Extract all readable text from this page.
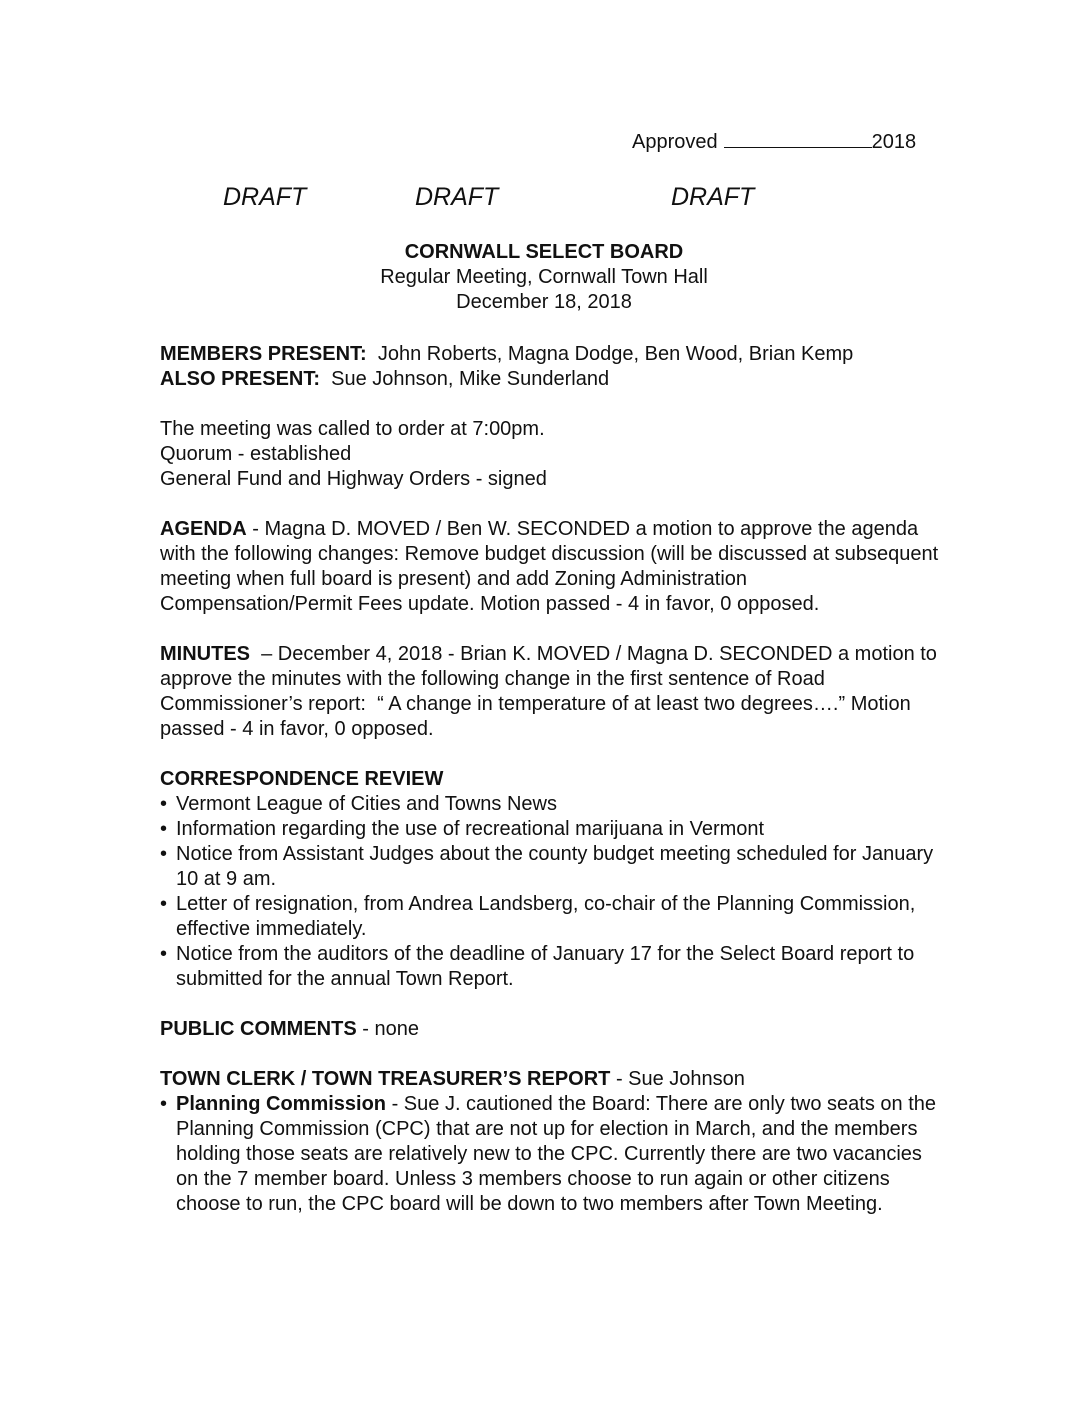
Approved	2018
DRAFT	DRAFT	DRAFT
CORNWALL SELECT BOARD
Regular Meeting, Cornwall Town Hall
December 18, 2018

MEMBERS PRESENT: John Roberts, Magna Dodge, Ben Wood, Brian Kemp

ALSO PRESENT: Sue Johnson, Mike Sunderland

The meeting was called to order at 7:00pm.

Quorum - established

General Fund and Highway Orders - signed

AGENDA - Magna D. MOVED / Ben W. SECONDED a motion to approve the agenda with the following changes: Remove budget discussion (will be discussed at subsequent meeting when full board is present) and add Zoning Administration Compensation/Permit Fees update. Motion passed - 4 in favor, 0 opposed.

MINUTES  – December 4, 2018 - Brian K. MOVED / Magna D. SECONDED a motion to approve the minutes with the following change in the first sentence of Road Commissioner’s report:  “ A change in temperature of at least two degrees….” Motion passed - 4 in favor, 0 opposed.

CORRESPONDENCE REVIEW

• Vermont League of Cities and Towns News
• Information regarding the use of recreational marijuana in Vermont
• Notice from Assistant Judges about the county budget meeting scheduled for January 10 at 9 am.
• Letter of resignation, from Andrea Landsberg, co-chair of the Planning Commission, effective immediately.
• Notice from the auditors of the deadline of January 17 for the Select Board report to submitted for the annual Town Report.

PUBLIC COMMENTS - none

TOWN CLERK / TOWN TREASURER’S REPORT - Sue Johnson

• Planning Commission - Sue J. cautioned the Board: There are only two seats on the Planning Commission (CPC) that are not up for election in March, and the members holding those seats are relatively new to the CPC. Currently there are two vacancies on the 7 member board. Unless 3 members choose to run again or other citizens choose to run, the CPC board will be down to two members after Town Meeting.
